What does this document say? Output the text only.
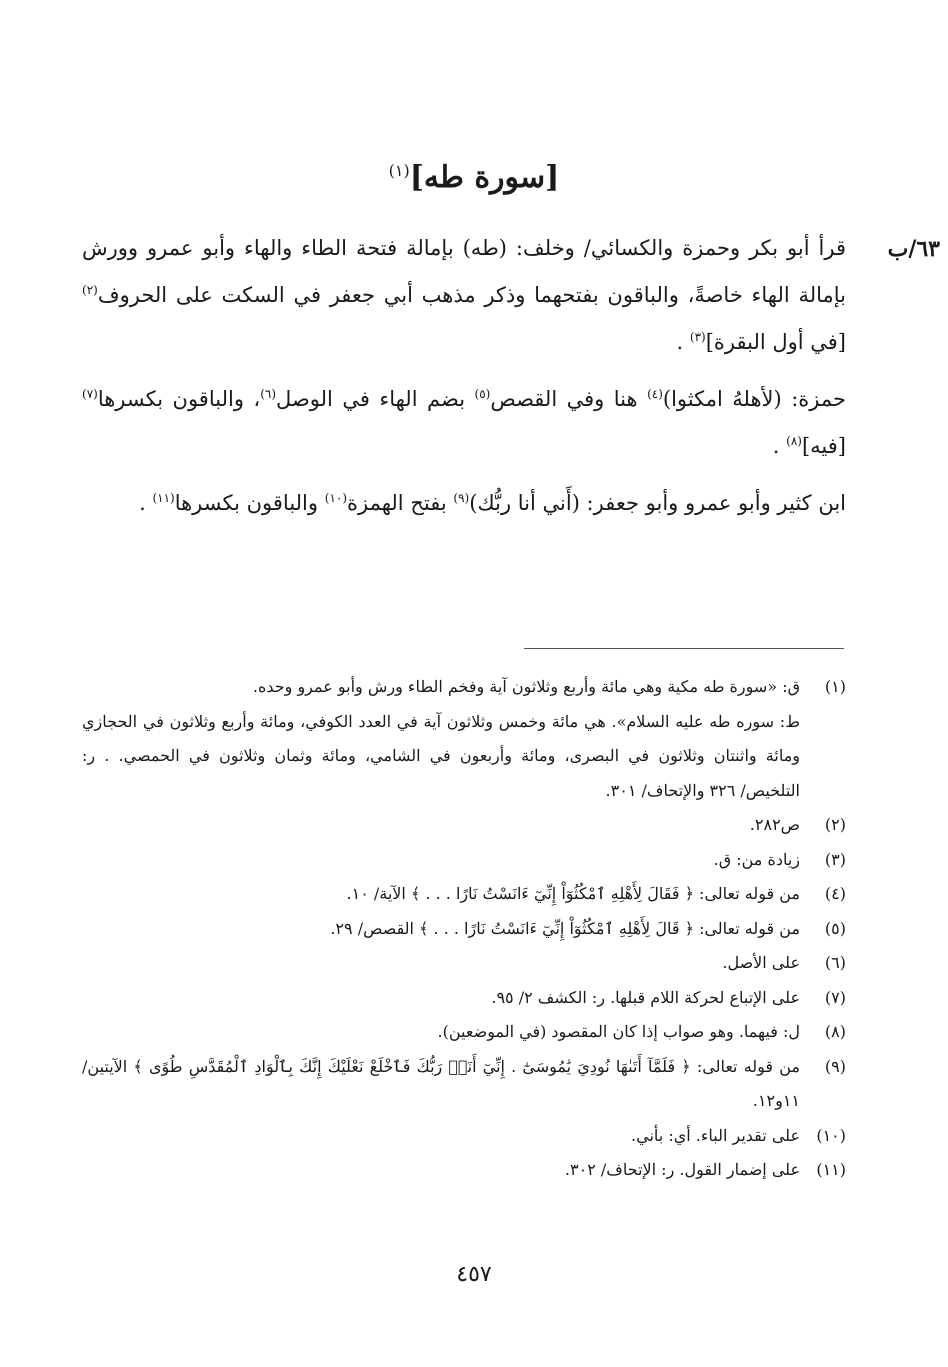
[سورة طه]$^{(١)}$
٦٣/ب

قرأ أبو بكر وحمزة والكسائي/ وخلف: (طه) بإمالة فتحة الطاء والهاء وأبو عمرو وورش بإمالة الهاء خاصةً، والباقون بفتحهما وذكر مذهب أبي جعفر في السكت على الحروف$^{(٢)}$ [في أول البقرة]$^{(٣)}$ .

حمزة: (لأهلهُ امكثوا)$^{(٤)}$ هنا وفي القصص$^{(٥)}$ بضم الهاء في الوصل$^{(٦)}$، والباقون بكسرها$^{(٧)}$ [فيه]$^{(٨)}$ .

ابن كثير وأبو عمرو وأبو جعفر: (أَني أنا ربُّك)$^{(٩)}$ بفتح الهمزة$^{(١٠)}$ والباقون بكسرها$^{(١١)}$ .

(١)
ق: «سورة طه مكية وهي مائة وأربع وثلاثون آية وفخم الطاء ورش وأبو عمرو وحده.
ط: سوره طه عليه السلام». هي مائة وخمس وثلاثون آية في العدد الكوفي، ومائة وأربع وثلاثون في الحجازي ومائة واثنتان وثلاثون في البصرى، ومائة وأربعون في الشامي، ومائة وثمان وثلاثون في الحمصي. . ر: التلخيص/ ٣٢٦ والإتحاف/ ٣٠١.
(٢)
ص٢٨٢.
(٣)
زيادة من: ق.
(٤)
من قوله تعالى: ﴿ فَقَالَ لِأَهْلِهِ ٱمْكُثُوٓاْ إِنِّيٓ ءَانَسْتُ نَارًا . . . ﴾ الآية/ ١٠.
(٥)
من قوله تعالى: ﴿ قَالَ لِأَهْلِهِ ٱمْكُثُوٓاْ إِنِّيٓ ءَانَسْتُ نَارًا . . . ﴾ القصص/ ٢٩.
(٦)
على الأصل.
(٧)
على الإتباع لحركة اللام قبلها. ر: الكشف ٢/ ٩٥.
(٨)
ل: فيهما. وهو صواب إذا كان المقصود (في الموضعين).
(٩)
من قوله تعالى: ﴿ فَلَمَّآ أَتَىٰهَا نُودِيَ يَٰمُوسَىٰٓ . إِنِّيٓ أَنَا۠ رَبُّكَ فَٱخْلَعْ نَعْلَيْكَ إِنَّكَ بِٱلْوَادِ ٱلْمُقَدَّسِ طُوًى ﴾ الآيتين/ ١١و١٢.
(١٠)
على تقدير الباء. أي: بأني.
(١١)
على إضمار القول. ر: الإتحاف/ ٣٠٢.
٤٥٧
